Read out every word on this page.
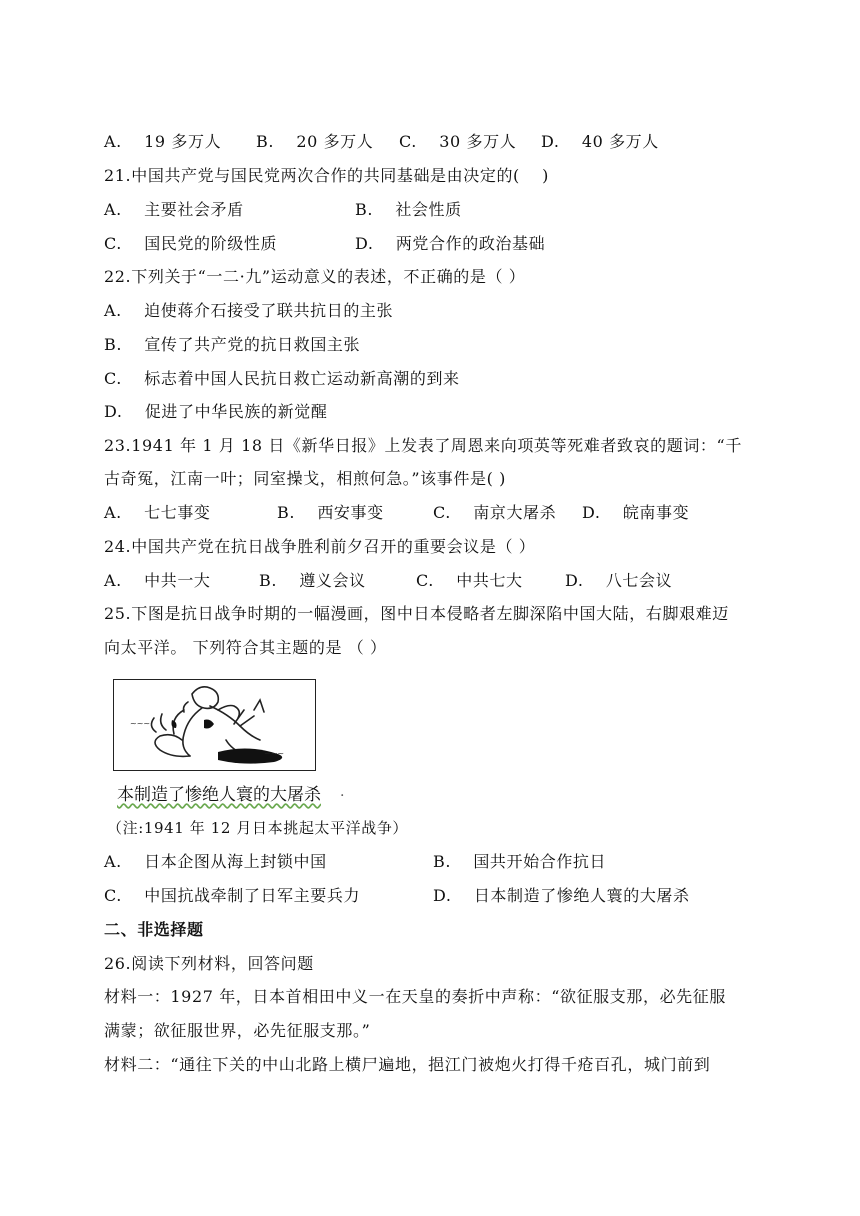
A.　 19 多万人 B.　 20 多万人 C.　 30 多万人 D.　 40 多万人
21.中国共产党与国民党两次合作的共同基础是由决定的(　 )
A.　 主要社会矛盾	B.　 社会性质
C.　 国民党的阶级性质	D.　 两党合作的政治基础
22.下列关于“一二·九”运动意义的表述，不正确的是（ ）
A.　 迫使蒋介石接受了联共抗日的主张
B.　 宣传了共产党的抗日救国主张
C.　 标志着中国人民抗日救亡运动新高潮的到来
D.　 促进了中华民族的新觉醒
23.1941 年 1 月 18 日《新华日报》上发表了周恩来向项英等死难者致哀的题词：“千
古奇冤，江南一叶；同室操戈，相煎何急。”该事件是( )
A.　 七七事变	B.　 西安事变	C.　 南京大屠杀 D.　 皖南事变
24.中国共产党在抗日战争胜利前夕召开的重要会议是（ ）
A.　 中共一大	B.　 遵义会议	C.　 中共七大	D.　 八七会议
25.下图是抗日战争时期的一幅漫画，图中日本侵略者左脚深陷中国大陆，右脚艰难迈
向太平洋。 下列符合其主题的是 （ ）
~~~
~~~
本制造了惨绝人寰的大屠杀 .
（注:1941 年 12 月日本挑起太平洋战争）
A.　 日本企图从海上封锁中国	B.　 国共开始合作抗日
C.　 中国抗战牵制了日军主要兵力	D.　 日本制造了惨绝人寰的大屠杀
二、非选择题
26.阅读下列材料，回答问题
材料一：1927 年，日本首相田中义一在天皇的奏折中声称：“欲征服支那，必先征服
满蒙；欲征服世界，必先征服支那。”
材料二：“通往下关的中山北路上横尸遍地，挹江门被炮火打得千疮百孔，城门前到
